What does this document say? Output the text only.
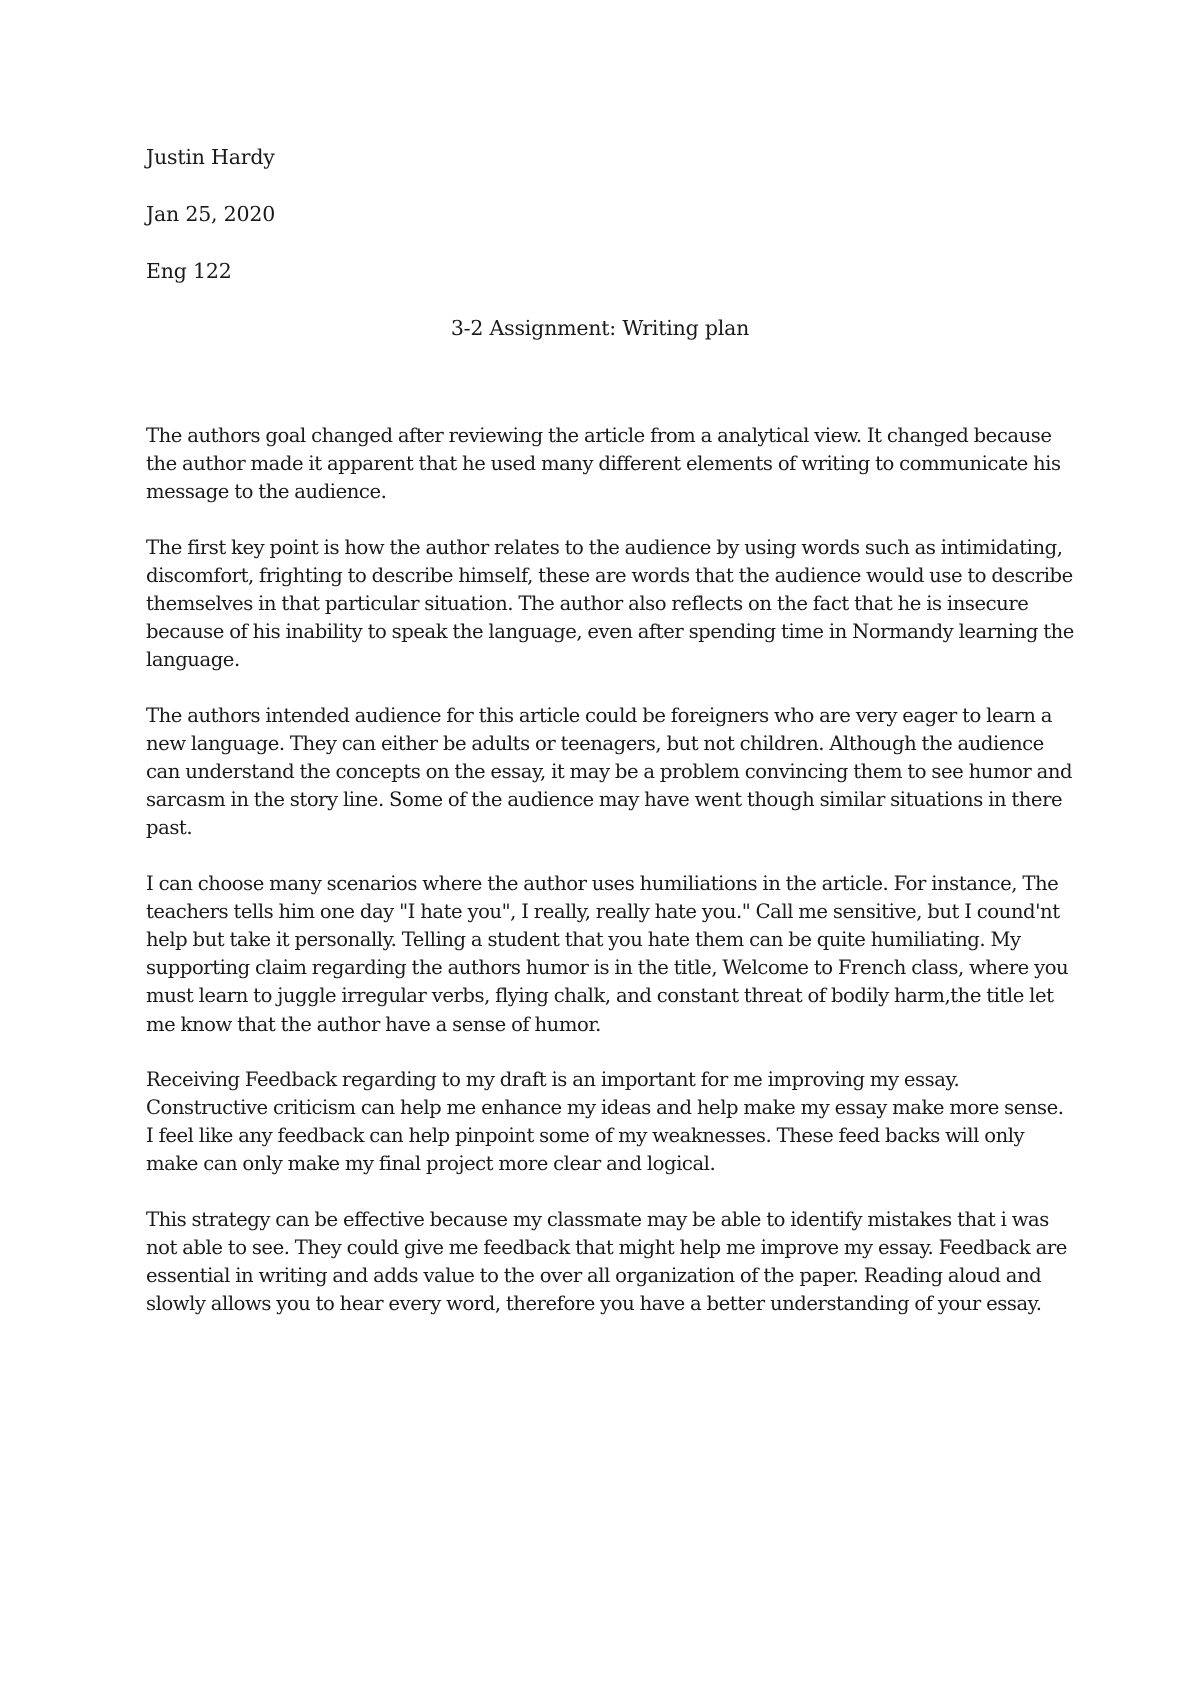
Justin Hardy

Jan 25, 2020

Eng 122

3-2 Assignment: Writing plan

The authors goal changed after reviewing the article from a analytical view. It changed because the author made it apparent that he used many different elements of writing to communicate his message to the audience.

The first key point is how the author relates to the audience by using words such as intimidating, discomfort, frighting to describe himself, these are words that the audience would use to describe themselves in that particular situation. The author also reflects on the fact that he is insecure because of his inability to speak the language, even after spending time in Normandy learning the language.

The authors intended audience for this article could be foreigners who are very eager to learn a new language. They can either be adults or teenagers, but not children. Although the audience can understand the concepts on the essay, it may be a problem convincing them to see humor and sarcasm in the story line. Some of the audience may have went though similar situations in there past.

I can choose many scenarios where the author uses humiliations in the article. For instance, The teachers tells him one day "I hate you", I really, really hate you." Call me sensitive, but I cound'nt help but take it personally. Telling a student that you hate them can be quite humiliating. My supporting claim regarding the authors humor is in the title, Welcome to French class, where you must learn to juggle irregular verbs, flying chalk, and constant threat of bodily harm,the title let me know that the author have a sense of humor.

Receiving Feedback regarding to my draft is an important for me improving my essay. Constructive criticism can help me enhance my ideas and help make my essay make more sense. I feel like any feedback can help pinpoint some of my weaknesses. These feed backs will only make can only make my final project more clear and logical.

This strategy can be effective because my classmate may be able to identify mistakes that i was not able to see. They could give me feedback that might help me improve my essay. Feedback are essential in writing and adds value to the over all organization of the paper. Reading aloud and slowly allows you to hear every word, therefore you have a better understanding of your essay.
